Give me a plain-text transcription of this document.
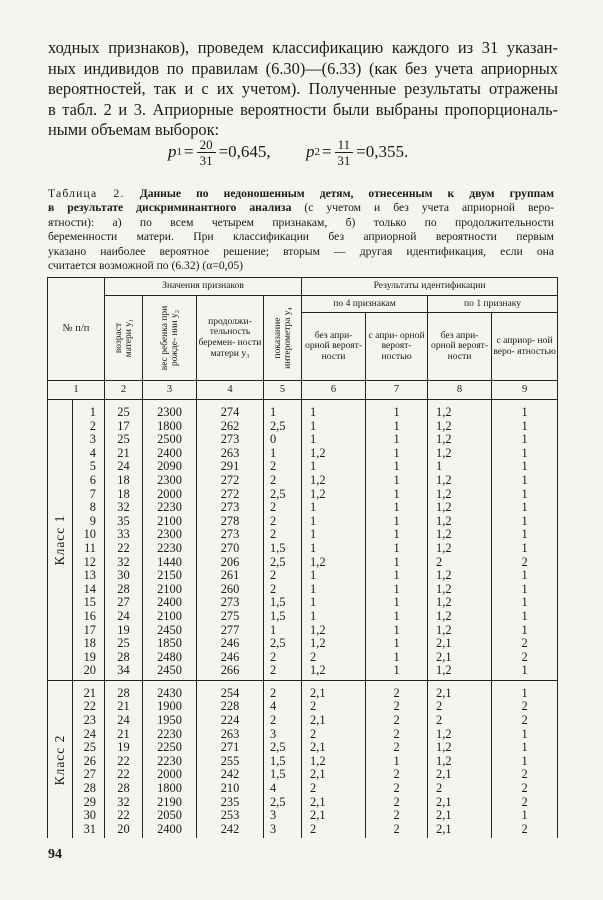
ходных признаков), проведем классификацию каждого из 31 указан-
ных индивидов по правилам (6.30)—(6.33) (как без учета априорных
вероятностей, так и с их учетом). Полученные результаты отражены
в табл. 2 и 3. Априорные вероятности были выбраны пропорциональ-
ными объемам выборок:
p $1 = \frac{20}{31} =0,645$, p $2 = \frac{11}{31} =0,355$.
Таблица 2. Данные по недоношенным детям, отнесенным к двум группам
в результате дискриминантного анализа (с учетом и без учета априорной веро-
ятности): а) по всем четырем признакам, б) только по продолжительности
беременности матери. При классификации без априорной вероятности первым
указано наиболее вероятное решение; вторым — другая идентификация, если она
считается возможной по (6.32) (α=0,05)
№ п/п		Значения признаков				Результаты идентификации			

		возраст матери y₁	вес ребенка при рожде- нии y₂	продолжи- тельность беремен- ности матери y₃	показание интерометра y₄	по 4 признакам		по 1 признаку	
						без апри- орной вероят- ности	с апри- орной вероят- ностью	без апри- орной вероят- ности	с априор- ной веро- ятностью
1		2	3	4	5	6	7	8	9

Класс 1	1	25	2300	274	1	1	1	1,2	1
	2	17	1800	262	2,5	1	1	1,2	1
	3	25	2500	273	0	1	1	1,2	1
	4	21	2400	263	1	1,2	1	1,2	1
	5	24	2090	291	2	1	1	1	1
	6	18	2300	272	2	1,2	1	1,2	1
	7	18	2000	272	2,5	1,2	1	1,2	1
	8	32	2230	273	2	1	1	1,2	1
	9	35	2100	278	2	1	1	1,2	1
	10	33	2300	273	2	1	1	1,2	1
	11	22	2230	270	1,5	1	1	1,2	1
	12	32	1440	206	2,5	1,2	1	2	2
	13	30	2150	261	2	1	1	1,2	1
	14	28	2100	260	2	1	1	1,2	1
	15	27	2400	273	1,5	1	1	1,2	1
	16	24	2100	275	1,5	1	1	1,2	1
	17	19	2450	277	1	1,2	1	1,2	1
	18	25	1850	246	2,5	1,2	1	2,1	2
	19	28	2480	246	2	2	1	2,1	2
	20	34	2450	266	2	1,2	1	1,2	1

Класс 2	21	28	2430	254	2	2,1	2	2,1	1
	22	21	1900	228	4	2	2	2	2
	23	24	1950	224	2	2,1	2	2	2
	24	21	2230	263	3	2	2	1,2	1
	25	19	2250	271	2,5	2,1	2	1,2	1
	26	22	2230	255	1,5	1,2	1	1,2	1
	27	22	2000	242	1,5	2,1	2	2,1	2
	28	28	1800	210	4	2	2	2	2
	29	32	2190	235	2,5	2,1	2	2,1	2
	30	22	2050	253	3	2,1	2	2,1	1
	31	20	2400	242	3	2	2	2,1	2
94
